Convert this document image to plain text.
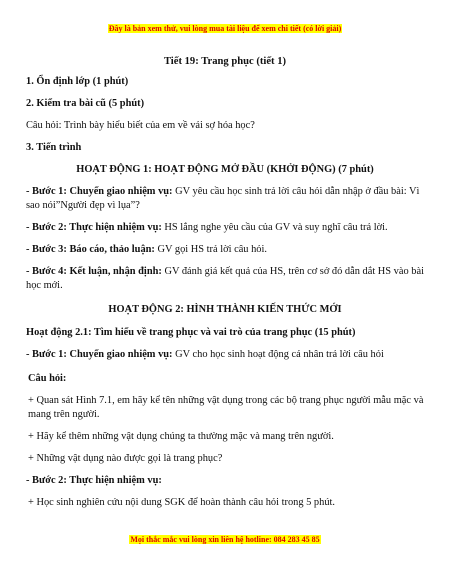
Đây là bản xem thử, vui lòng mua tài liệu để xem chi tiết (có lời giải)

Tiết 19: Trang phục (tiết 1)

1. Ổn định lớp (1 phút)

2. Kiểm tra bài cũ (5 phút)

Câu hỏi: Trình bày hiểu biết của em về vải sợ hóa học?

3. Tiến trình

HOẠT ĐỘNG 1: HOẠT ĐỘNG MỞ ĐẦU (KHỞI ĐỘNG) (7 phút)

- Bước 1: Chuyển giao nhiệm vụ: GV yêu cầu học sinh trả lời câu hỏi dẫn nhập ở đầu bài: Vì sao nói”Người đẹp vì lụa”?

- Bước 2: Thực hiện nhiệm vụ: HS lắng nghe yêu cầu của GV và suy nghĩ câu trả lời.

- Bước 3: Báo cáo, thảo luận: GV gọi HS trả lời câu hỏi.

- Bước 4: Kết luận, nhận định: GV đánh giá kết quả của HS, trên cơ sở đó dẫn dắt HS vào bài học mới.

HOẠT ĐỘNG 2: HÌNH THÀNH KIẾN THỨC MỚI

Hoạt động 2.1: Tìm hiểu về trang phục và vai trò của trang phục (15 phút)

- Bước 1: Chuyển giao nhiệm vụ: GV cho học sinh hoạt động cá nhân trả lời câu hỏi

Câu hỏi:

+ Quan sát Hình 7.1, em hãy kể tên những vật dụng trong các bộ trang phục người mẫu mặc và mang trên người.

+ Hãy kể thêm những vật dụng chúng ta thường mặc và mang trên người.

+ Những vật dụng nào được gọi là trang phục?

- Bước 2: Thực hiện nhiệm vụ:

+ Học sinh nghiên cứu nội dung SGK để hoàn thành câu hỏi trong 5 phút.

Mọi thắc mắc vui lòng xin liên hệ hotline: 084 283 45 85
